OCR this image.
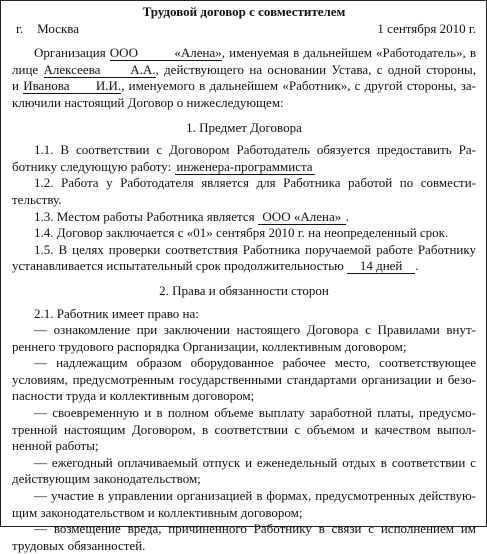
Трудовой договор с совместителем
г. Москва	1 сентября 2010 г.
Организация ООО «Алена», именуемая в дальнейшем «Работодатель», в
лице Алексеева А.А., действующего на основании Устава, с одной стороны,
и Иванова И.И., именуемого в дальнейшем «Работник», с другой стороны, за-
ключили настоящий Договор о нижеследующем:
1. Предмет Договора
1.1. В соответствии с Договором Работодатель обязуется предоставить Ра-
ботнику следующую работу: инженера-программиста
1.2. Работа у Работодателя является для Работника работой по совмести-
тельству.
1.3. Местом работы Работника является ООО «Алена» .
1.4. Договор заключается с «01» сентября 2010 г. на неопределенный срок.
1.5. В целях проверки соответствия Работника поручаемой работе Работнику
устанавливается испытательный срок продолжительностью 14 дней .
2. Права и обязанности сторон
2.1. Работник имеет право на:
— ознакомление при заключении настоящего Договора с Правилами внут-
реннего трудового распорядка Организации, коллективным договором;
— надлежащим образом оборудованное рабочее место, соответствующее
условиям, предусмотренным государственными стандартами организации и безо-
пасности труда и коллективным договором;
— своевременную и в полном объеме выплату заработной платы, предусмо-
тренной настоящим Договором, в соответствии с объемом и качеством выпол-
ненной работы;
— ежегодный оплачиваемый отпуск и еженедельный отдых в соответствии с
действующим законодательством;
— участие в управлении организацией в формах, предусмотренных действую-
щим законодательством и коллективным договором;
— возмещение вреда, причиненного Работнику в связи с исполнением им
трудовых обязанностей.
